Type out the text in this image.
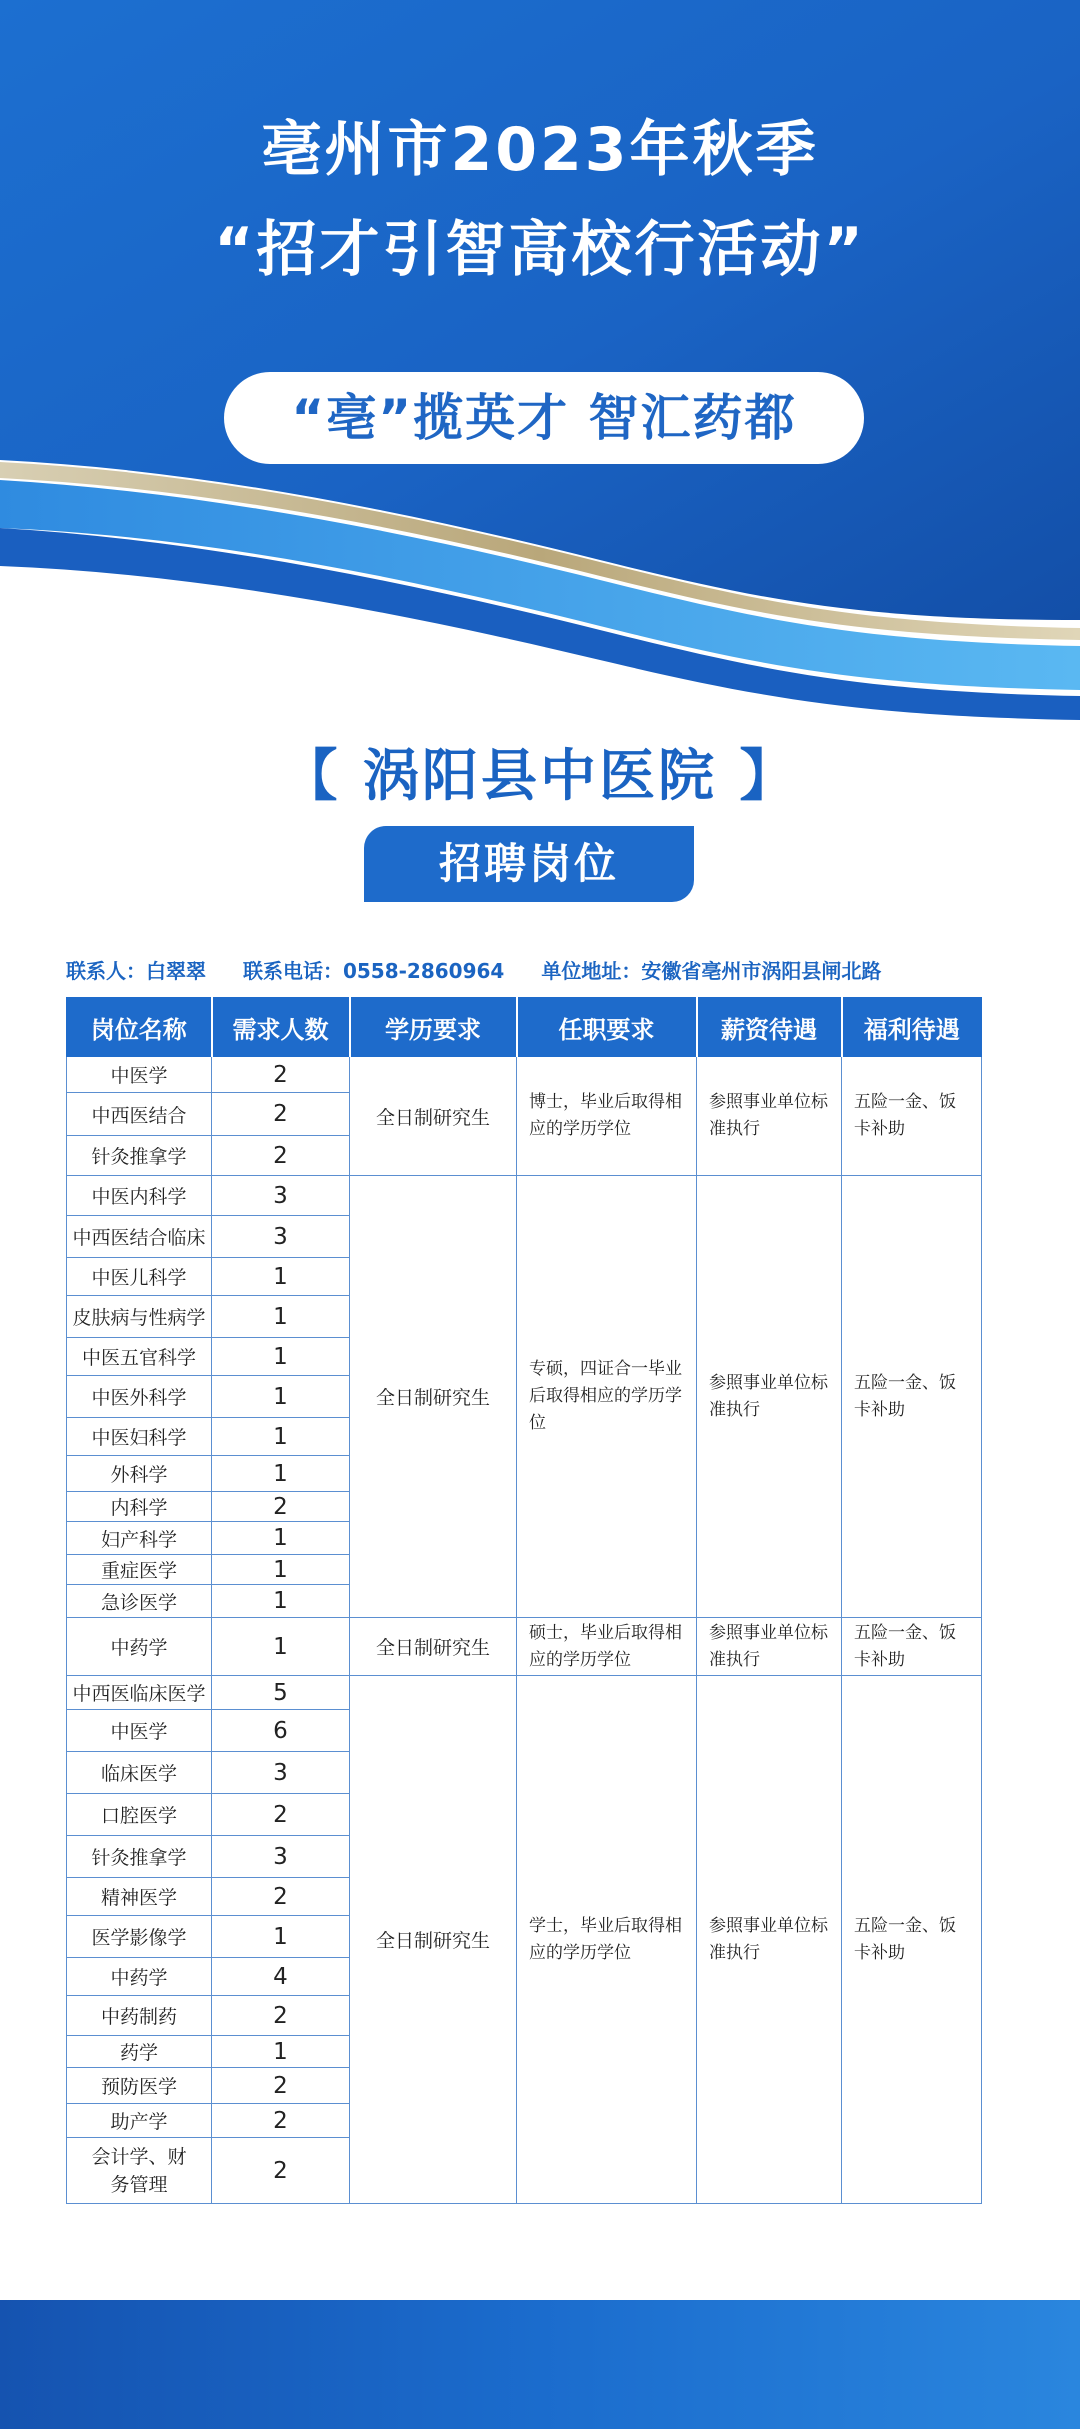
亳州市2023年秋季
“招才引智高校行活动”
“亳”揽英才 智汇药都
【 涡阳县中医院 】
招聘岗位
联系人：白翠翠 联系电话：0558-2860964 单位地址：安徽省亳州市涡阳县闸北路
岗位名称	需求人数	学历要求	任职要求	薪资待遇	福利待遇
中医学	2	全日制研究生	博士，毕业后取得相应的学历学位	参照事业单位标准执行	五险一金、饭卡补助
中西医结合	2				
针灸推拿学	2				
中医内科学	3	全日制研究生	专硕，四证合一毕业后取得相应的学历学位	参照事业单位标准执行	五险一金、饭卡补助
中西医结合临床	3				
中医儿科学	1				
皮肤病与性病学	1				
中医五官科学	1				
中医外科学	1				
中医妇科学	1				
外科学	1				
内科学	2				
妇产科学	1				
重症医学	1				
急诊医学	1				
中药学	1	全日制研究生	硕士，毕业后取得相应的学历学位	参照事业单位标准执行	五险一金、饭卡补助
中西医临床医学	5	全日制研究生	学士，毕业后取得相应的学历学位	参照事业单位标准执行	五险一金、饭卡补助
中医学	6				
临床医学	3				
口腔医学	2				
针灸推拿学	3				
精神医学	2				
医学影像学	1				
中药学	4				
中药制药	2				
药学	1				
预防医学	2				
助产学	2				
会计学、财务管理	2				
